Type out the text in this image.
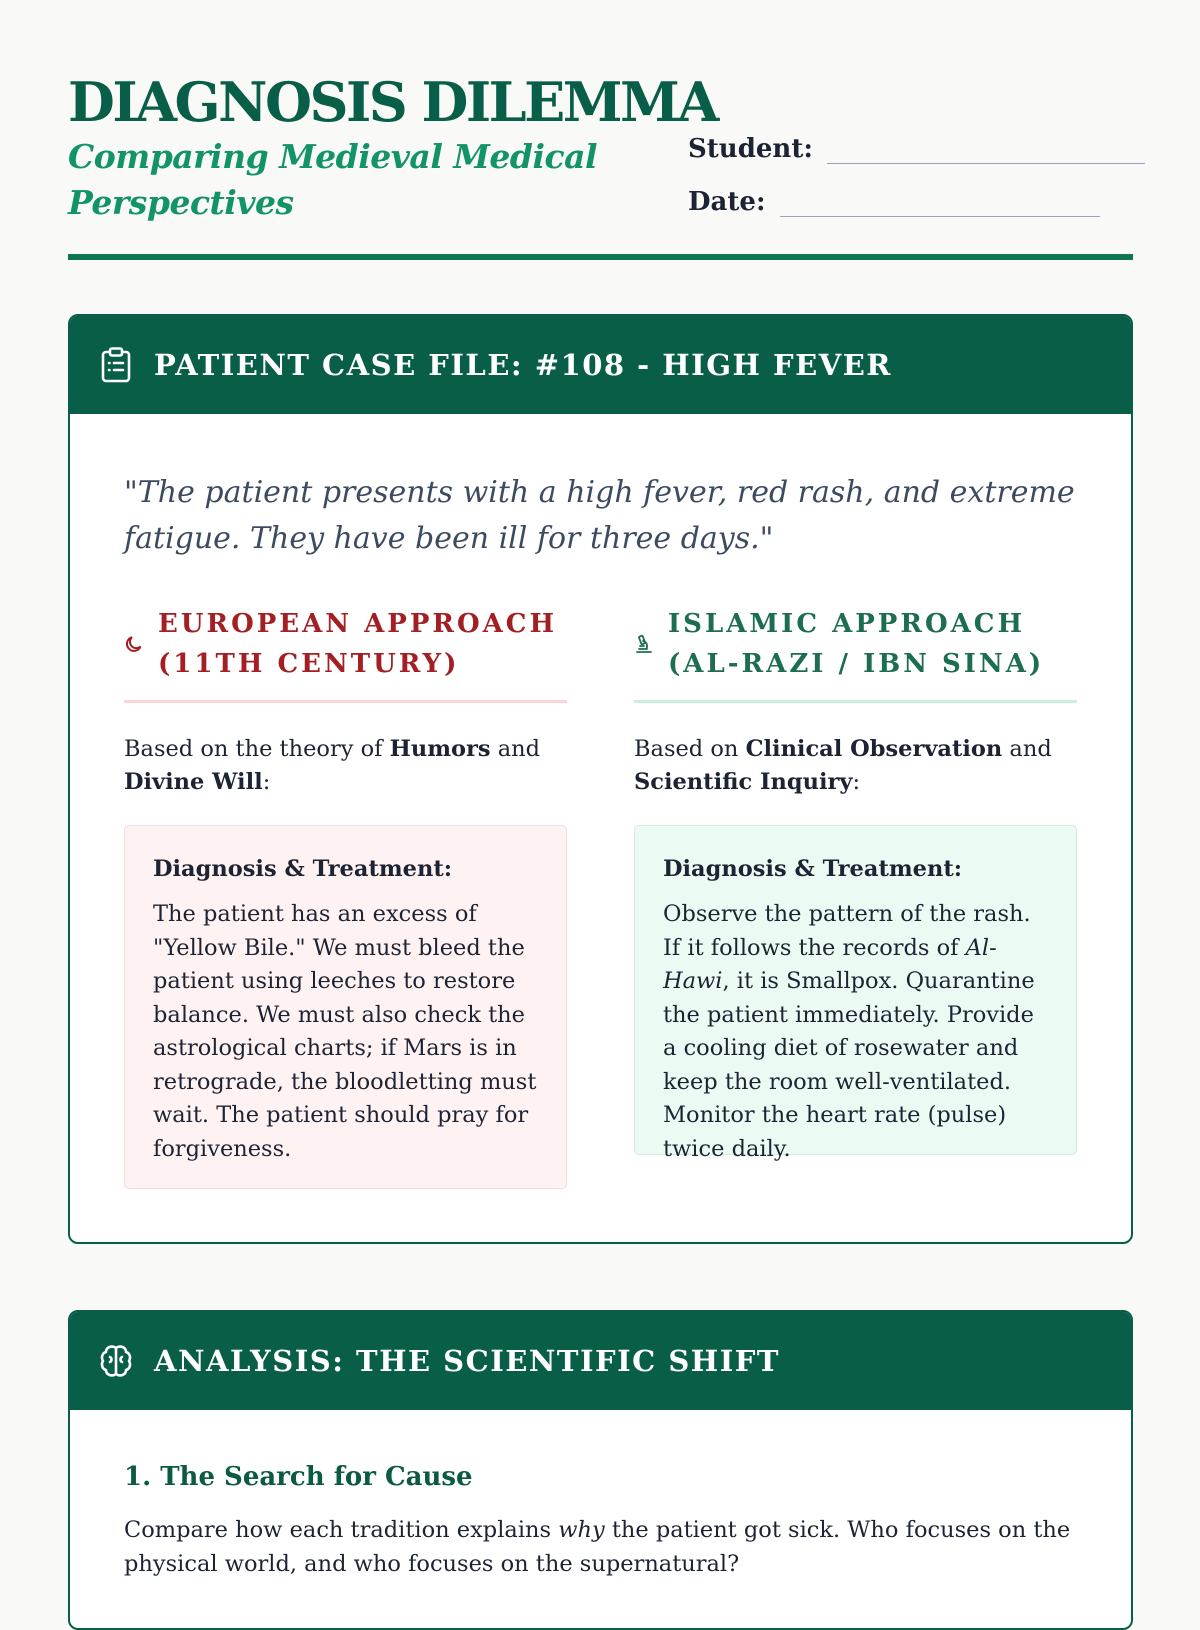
DIAGNOSIS DILEMMA
Comparing Medieval Medical Perspectives
Student:
Date:
PATIENT CASE FILE: #108 - HIGH FEVER

"The patient presents with a high fever, red rash, and extreme fatigue. They have been ill for three days."

EUROPEAN APPROACH (11TH CENTURY)

Based on the theory of Humors and Divine Will:

Diagnosis & Treatment:

The patient has an excess of "Yellow Bile." We must bleed the patient using leeches to restore balance. We must also check the astrological charts; if Mars is in retrograde, the bloodletting must wait. The patient should pray for forgiveness.

ISLAMIC APPROACH (AL-RAZI / IBN SINA)

Based on Clinical Observation and Scientific Inquiry:

Diagnosis & Treatment:

Observe the pattern of the rash. If it follows the records of Al-Hawi, it is Smallpox. Quarantine the patient immediately. Provide a cooling diet of rosewater and keep the room well-ventilated. Monitor the heart rate (pulse) twice daily.

ANALYSIS: THE SCIENTIFIC SHIFT
1. The Search for Cause

Compare how each tradition explains why the patient got sick. Who focuses on the physical world, and who focuses on the supernatural?
